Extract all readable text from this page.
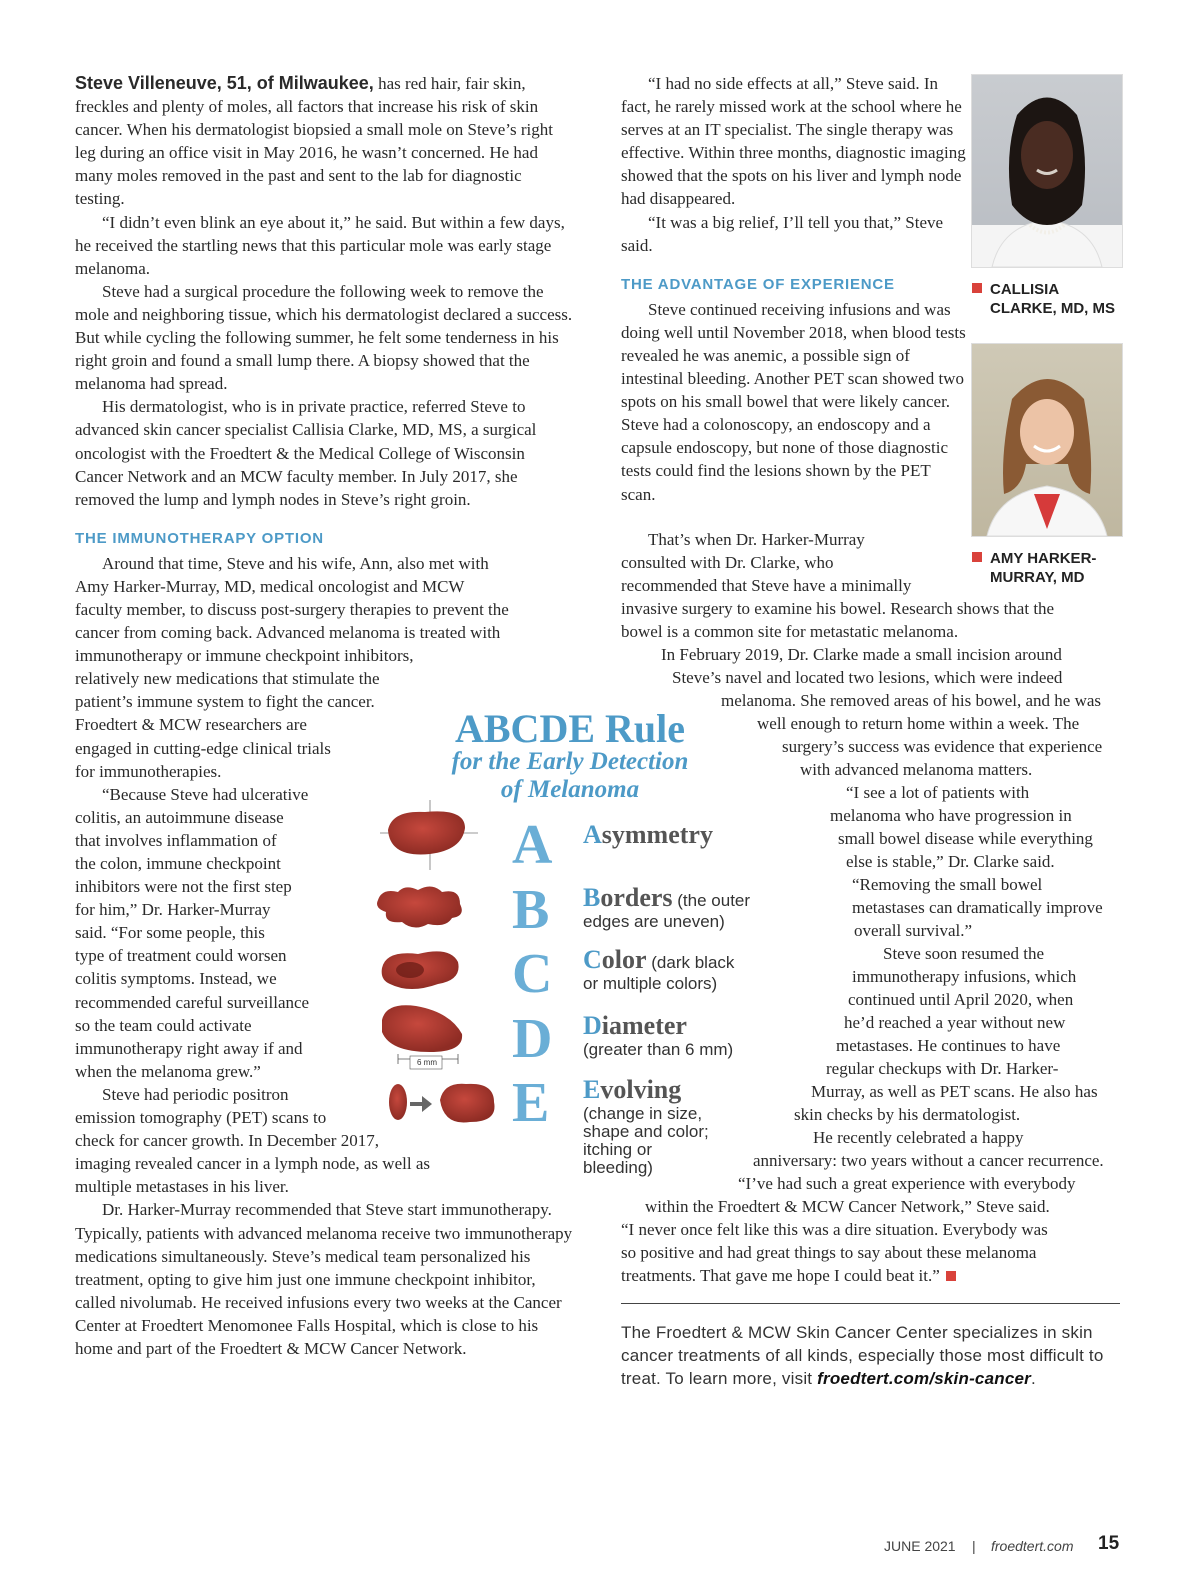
Steve Villeneuve, 51, of Milwaukee, has red hair, fair skin, freckles and plenty of moles, all factors that increase his risk of skin cancer. When his dermatologist biopsied a small mole on Steve’s right leg during an office visit in May 2016, he wasn’t concerned. He had many moles removed in the past and sent to the lab for diagnostic testing.

“I didn’t even blink an eye about it,” he said. But within a few days, he received the startling news that this particular mole was early stage melanoma.

Steve had a surgical procedure the following week to remove the mole and neighboring tissue, which his dermatologist declared a success. But while cycling the following summer, he felt some tenderness in his right groin and found a small lump there. A biopsy showed that the melanoma had spread.

His dermatologist, who is in private practice, referred Steve to advanced skin cancer specialist Callisia Clarke, MD, MS, a surgical oncologist with the Froedtert & the Medical College of Wisconsin Cancer Network and an MCW faculty member. In July 2017, she removed the lump and lymph nodes in Steve’s right groin.

THE IMMUNOTHERAPY OPTION

Around that time, Steve and his wife, Ann, also met with
Amy Harker-Murray, MD, medical oncologist and MCW
faculty member, to discuss post-surgery therapies to prevent the
cancer from coming back. Advanced melanoma is treated with
immunotherapy or immune checkpoint inhibitors,
relatively new medications that stimulate the
patient’s immune system to fight the cancer.
Froedtert & MCW researchers are
engaged in cutting-edge clinical trials
for immunotherapies.
“Because Steve had ulcerative
colitis, an autoimmune disease
that involves inflammation of
the colon, immune checkpoint
inhibitors were not the first step
for him,” Dr. Harker-Murray
said. “For some people, this
type of treatment could worsen
colitis symptoms. Instead, we
recommended careful surveillance
so the team could activate
immunotherapy right away if and
when the melanoma grew.”
Steve had periodic positron
emission tomography (PET) scans to
check for cancer growth. In December 2017,
imaging revealed cancer in a lymph node, as well as
multiple metastases in his liver.

Dr. Harker-Murray recommended that Steve start immunotherapy. Typically, patients with advanced melanoma receive two immunotherapy medications simultaneously. Steve’s medical team personalized his treatment, opting to give him just one immune checkpoint inhibitor, called nivolumab. He received infusions every two weeks at the Cancer Center at Froedtert Menomonee Falls Hospital, which is close to his home and part of the Froedtert & MCW Cancer Network.

“I had no side effects at all,” Steve said. In fact, he rarely missed work at the school where he serves at an IT specialist. The single therapy was effective. Within three months, diagnostic imaging showed that the spots on his liver and lymph node had disappeared.

“It was a big relief, I’ll tell you that,” Steve said.

THE ADVANTAGE OF EXPERIENCE

Steve continued receiving infusions and was doing well until November 2018, when blood tests revealed he was anemic, a possible sign of intestinal bleeding. Another PET scan showed two spots on his small bowel that were likely cancer. Steve had a colonoscopy, an endoscopy and a capsule endoscopy, but none of those diagnostic tests could find the lesions shown by the PET scan.

That’s when Dr. Harker-Murray
consulted with Dr. Clarke, who
recommended that Steve have a minimally
invasive surgery to examine his bowel. Research shows that the
bowel is a common site for metastatic melanoma.
In February 2019, Dr. Clarke made a small incision around
Steve’s navel and located two lesions, which were indeed
melanoma. She removed areas of his bowel, and he was
well enough to return home within a week. The
surgery’s success was evidence that experience
with advanced melanoma matters.
“I see a lot of patients with
melanoma who have progression in
small bowel disease while everything
else is stable,” Dr. Clarke said.
“Removing the small bowel
metastases can dramatically improve
overall survival.”
Steve soon resumed the
immunotherapy infusions, which
continued until April 2020, when
he’d reached a year without new
metastases. He continues to have
regular checkups with Dr. Harker-
Murray, as well as PET scans. He also has
skin checks by his dermatologist.
He recently celebrated a happy
anniversary: two years without a cancer recurrence.
“I’ve had such a great experience with everybody
within the Froedtert & MCW Cancer Network,” Steve said.
“I never once felt like this was a dire situation. Everybody was
so positive and had great things to say about these melanoma
treatments. That gave me hope I could beat it.”
CALLISIA
CLARKE, MD, MS
AMY HARKER-
MURRAY, MD
ABCDE Rule
for the Early Detection
of Melanoma
6 mm
A
B
C
D
E
Asymmetry
Borders (the outer
edges are uneven)
Color (dark black
or multiple colors)
Diameter
(greater than 6 mm)
Evolving
(change in size,
shape and color;
itching or
bleeding)
The Froedtert & MCW Skin Cancer Center specializes in skin cancer treatments of all kinds, especially those most difficult to treat. To learn more, visit froedtert.com/skin-cancer.
JUNE 2021 | froedtert.com 15
